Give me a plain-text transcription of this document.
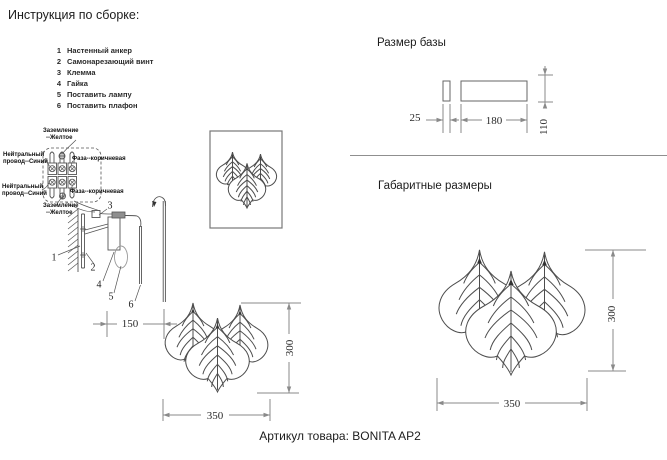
Инструкция по сборке:
1 Настенный анкер
2 Самонарезающий винт
3 Клемма
4 Гайка
5 Поставить лампу
6 Поставить плафон
Заземление
--Желтое
Нейтральный
провод--Синий	Фаза--коричневая
Нейтральный
провод--Синий	Фаза--коричневая
Заземление
--Желтое
1
2
3
4
5
6
150
350
300
25	180	110
350
300
Размер базы
Габаритные размеры
Артикул товара: BONITA AP2
